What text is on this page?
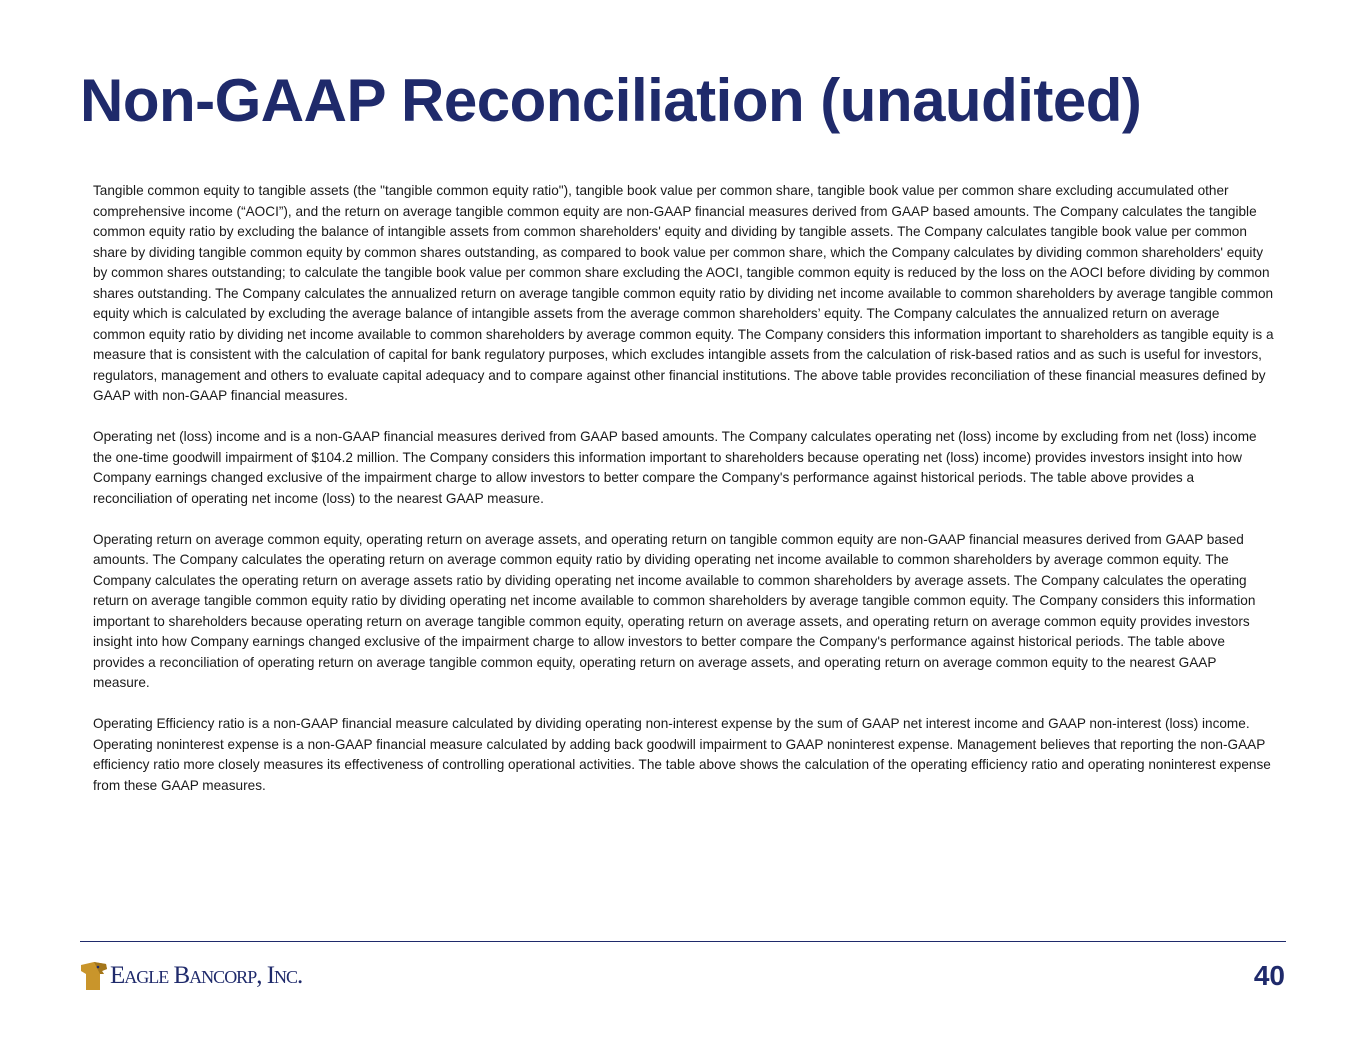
Non-GAAP Reconciliation (unaudited)

Tangible common equity to tangible assets (the "tangible common equity ratio"), tangible book value per common share, tangible book value per common share excluding accumulated other comprehensive income (“AOCI”), and the return on average tangible common equity are non-GAAP financial measures derived from GAAP based amounts. The Company calculates the tangible common equity ratio by excluding the balance of intangible assets from common shareholders' equity and dividing by tangible assets. The Company calculates tangible book value per common share by dividing tangible common equity by common shares outstanding, as compared to book value per common share, which the Company calculates by dividing common shareholders' equity by common shares outstanding; to calculate the tangible book value per common share excluding the AOCI, tangible common equity is reduced by the loss on the AOCI before dividing by common shares outstanding. The Company calculates the annualized return on average tangible common equity ratio by dividing net income available to common shareholders by average tangible common equity which is calculated by excluding the average balance of intangible assets from the average common shareholders’ equity. The Company calculates the annualized return on average common equity ratio by dividing net income available to common shareholders by average common equity. The Company considers this information important to shareholders as tangible equity is a measure that is consistent with the calculation of capital for bank regulatory purposes, which excludes intangible assets from the calculation of risk-based ratios and as such is useful for investors, regulators, management and others to evaluate capital adequacy and to compare against other financial institutions. The above table provides reconciliation of these financial measures defined by GAAP with non-GAAP financial measures.

Operating net (loss) income and is a non-GAAP financial measures derived from GAAP based amounts. The Company calculates operating net (loss) income by excluding from net (loss) income the one-time goodwill impairment of $104.2 million. The Company considers this information important to shareholders because operating net (loss) income) provides investors insight into how Company earnings changed exclusive of the impairment charge to allow investors to better compare the Company's performance against historical periods. The table above provides a reconciliation of operating net income (loss) to the nearest GAAP measure.

Operating return on average common equity, operating return on average assets, and operating return on tangible common equity are non-GAAP financial measures derived from GAAP based amounts. The Company calculates the operating return on average common equity ratio by dividing operating net income available to common shareholders by average common equity. The Company calculates the operating return on average assets ratio by dividing operating net income available to common shareholders by average assets. The Company calculates the operating return on average tangible common equity ratio by dividing operating net income available to common shareholders by average tangible common equity. The Company considers this information important to shareholders because operating return on average tangible common equity, operating return on average assets, and operating return on average common equity provides investors insight into how Company earnings changed exclusive of the impairment charge to allow investors to better compare the Company's performance against historical periods. The table above provides a reconciliation of operating return on average tangible common equity, operating return on average assets, and operating return on average common equity to the nearest GAAP measure.

Operating Efficiency ratio is a non-GAAP financial measure calculated by dividing operating non-interest expense by the sum of GAAP net interest income and GAAP non-interest (loss) income. Operating noninterest expense is a non-GAAP financial measure calculated by adding back goodwill impairment to GAAP noninterest expense. Management believes that reporting the non-GAAP efficiency ratio more closely measures its effectiveness of controlling operational activities. The table above shows the calculation of the operating efficiency ratio and operating noninterest expense from these GAAP measures.

Eagle Bancorp, Inc.	40
